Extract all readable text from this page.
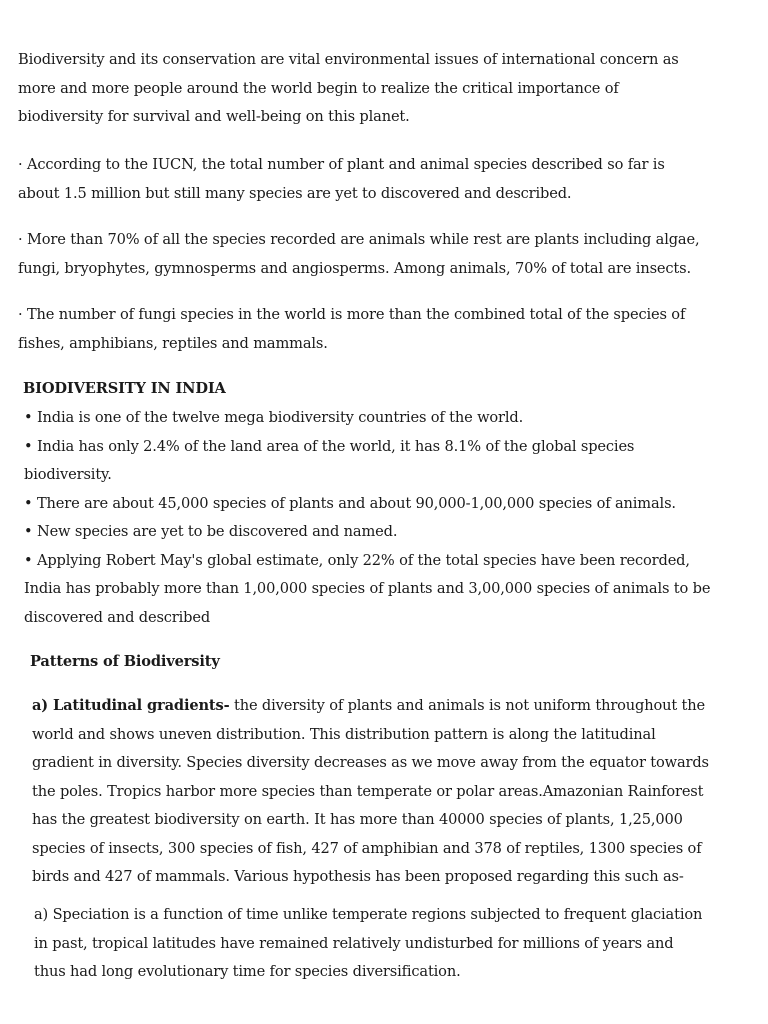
Biodiversity and its conservation are vital environmental issues of international concern as
more and more people around the world begin to realize the critical importance of
biodiversity for survival and well-being on this planet.
· According to the IUCN, the total number of plant and animal species described so far is
about 1.5 million but still many species are yet to discovered and described.
· More than 70% of all the species recorded are animals while rest are plants including algae,
fungi, bryophytes, gymnosperms and angiosperms. Among animals, 70% of total are insects.
· The number of fungi species in the world is more than the combined total of the species of
fishes, amphibians, reptiles and mammals.
BIODIVERSITY IN INDIA
• India is one of the twelve mega biodiversity countries of the world.
• India has only 2.4% of the land area of the world, it has 8.1% of the global species
biodiversity.
• There are about 45,000 species of plants and about 90,000-1,00,000 species of animals.
• New species are yet to be discovered and named.
• Applying Robert May's global estimate, only 22% of the total species have been recorded,
India has probably more than 1,00,000 species of plants and 3,00,000 species of animals to be
discovered and described
Patterns of Biodiversity
a) Latitudinal gradients- the diversity of plants and animals is not uniform throughout the
world and shows uneven distribution. This distribution pattern is along the latitudinal
gradient in diversity. Species diversity decreases as we move away from the equator towards
the poles. Tropics harbor more species than temperate or polar areas.Amazonian Rainforest
has the greatest biodiversity on earth. It has more than 40000 species of plants, 1,25,000
species of insects, 300 species of fish, 427 of amphibian and 378 of reptiles, 1300 species of
birds and 427 of mammals. Various hypothesis has been proposed regarding this such as-
a) Speciation is a function of time unlike temperate regions subjected to frequent glaciation
in past, tropical latitudes have remained relatively undisturbed for millions of years and
thus had long evolutionary time for species diversification.
